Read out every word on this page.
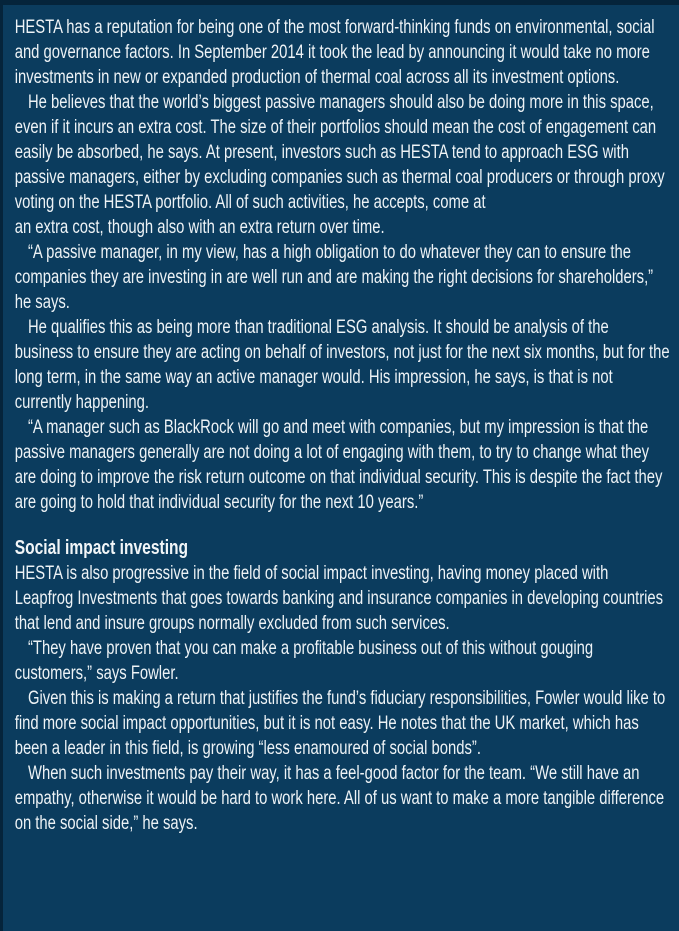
HESTA has a reputation for being one of the most forward-thinking funds on environmental, social and governance factors. In September 2014 it took the lead by announcing it would take no more investments in new or expanded production of thermal coal across all its investment options.

He believes that the world’s biggest passive managers should also be doing more in this space, even if it incurs an extra cost. The size of their portfolios should mean the cost of engagement can easily be absorbed, he says. At present, investors such as HESTA tend to approach ESG with passive managers, either by excluding companies such as thermal coal producers or through proxy voting on the HESTA portfolio. All of such activities, he accepts, come at

an extra cost, though also with an extra return over time.

“A passive manager, in my view, has a high obligation to do whatever they can to ensure the companies they are investing in are well run and are making the right decisions for shareholders,” he says.

He qualifies this as being more than traditional ESG analysis. It should be analysis of the business to ensure they are acting on behalf of investors, not just for the next six months, but for the long term, in the same way an active manager would. His impression, he says, is that is not currently happening.

“A manager such as BlackRock will go and meet with companies, but my impression is that the passive managers generally are not doing a lot of engaging with them, to try to change what they are doing to improve the risk return outcome on that individual security. This is despite the fact they are going to hold that individual security for the next 10 years.”

Social impact investing

HESTA is also progressive in the field of social impact investing, having money placed with Leapfrog Investments that goes towards banking and insurance companies in developing countries that lend and insure groups normally excluded from such services.

“They have proven that you can make a profitable business out of this without gouging customers,” says Fowler.

Given this is making a return that justifies the fund’s fiduciary responsibilities, Fowler would like to find more social impact opportunities, but it is not easy. He notes that the UK market, which has been a leader in this field, is growing “less enamoured of social bonds”.

When such investments pay their way, it has a feel-good factor for the team. “We still have an empathy, otherwise it would be hard to work here. All of us want to make a more tangible difference on the social side,” he says.
